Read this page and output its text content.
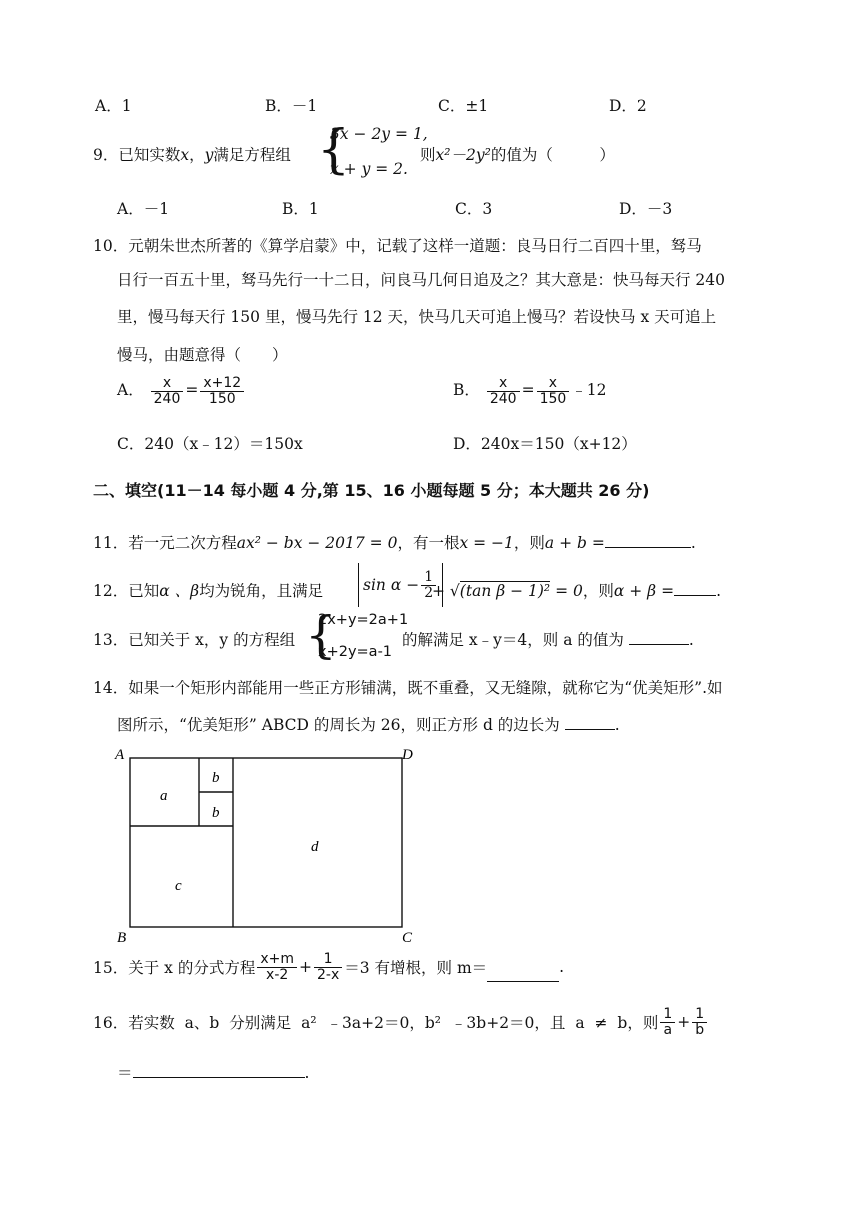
A．1	B．－1	C．±1	D．2
9．已知实数x，y满足方程组 {
3x − 2y = 1,
x + y = 2.
则x²－2y²的值为（　　　）
A．－1	B．1	C．3	D．－3
10．元朝朱世杰所著的《算学启蒙》中，记载了这样一道题：良马日行二百四十里，驽马
日行一百五十里，驽马先行一十二日，问良马几何日追及之？其大意是：快马每天行 240
里，慢马每天行 150 里，慢马先行 12 天，快马几天可追上慢马？若设快马 x 天可追上
慢马，由题意得（　　）
A． $\frac{x}{240} = \frac{x+12}{150}$	B． $\frac{x}{240} = \frac{x}{150}$ ﹣12
C．240（x﹣12）＝150x	D．240x＝150（x+12）
二、填空(11－14 每小题 4 分,第 15、16 小题每题 5 分；本大题共 26 分)
11．若一元二次方程ax² − bx − 2017 = 0，有一根x = −1，则a + b =	.
12．已知α 、β均为锐角，且满足	$\sin \alpha - \frac{1}{2}$
+ √(tan β − 1)² = 0，则α + β =	.
13．已知关于 x，y 的方程组 {
2x+y=2a+1
x+2y=a-1
的解满足 x﹣y＝4，则 a 的值为	.
14．如果一个矩形内部能用一些正方形铺满，既不重叠，又无缝隙，就称它为“优美矩形”.如
图所示，“优美矩形” ABCD 的周长为 26，则正方形 d 的边长为	.
A	D
B	C
a
b
b
c
d
15．关于 x 的分式方程 $\frac{x+m}{x-2} + \frac{1}{2-x} =3$ 有增根，则 m＝	.
16．若实数 a、b 分别满足 a² ﹣3a+2＝0，b² ﹣3b+2＝0，且 a ≠ b，则 $\frac{1}{a} + \frac{1}{b}$
＝	.
